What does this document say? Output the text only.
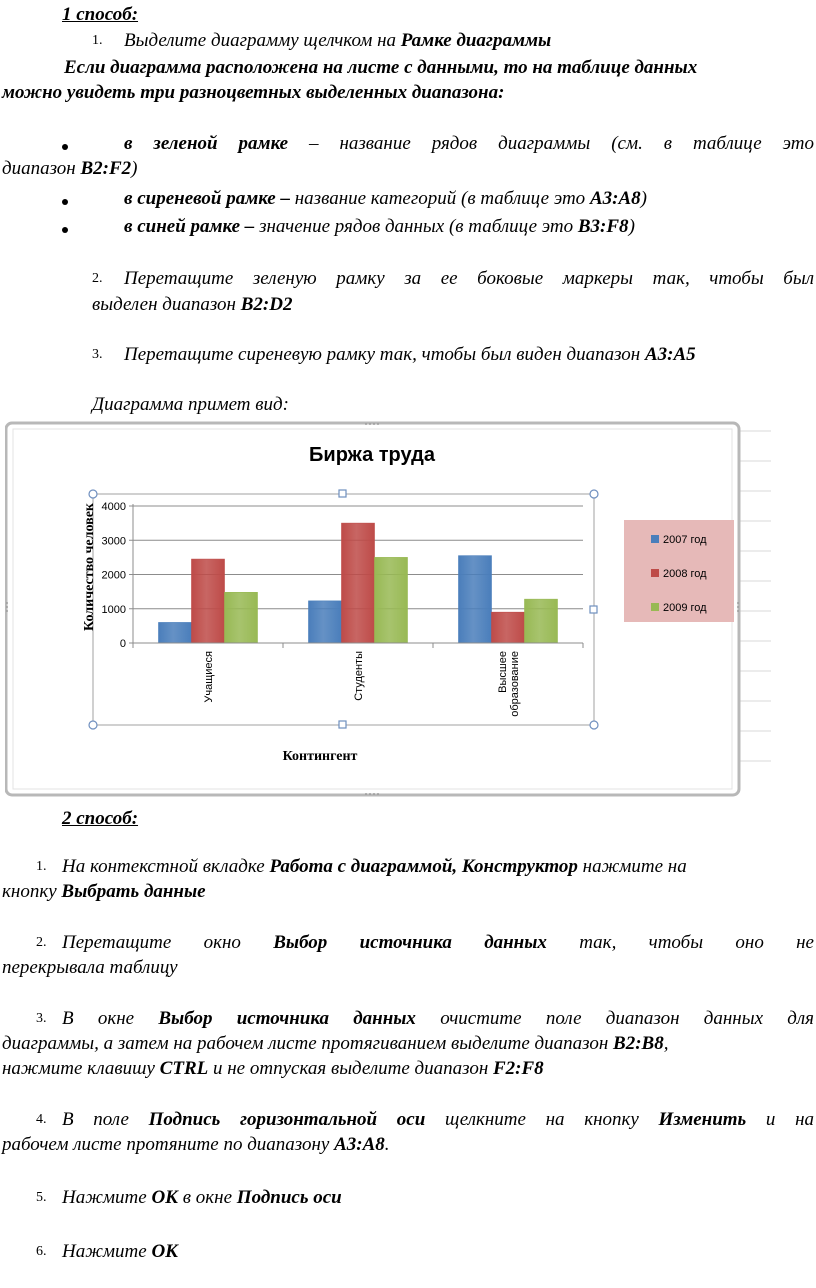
1 способ:
1. Выделите диаграмму щелчком на Рамке диаграммы
Если диаграмма расположена на листе с данными, то на таблице данных
можно увидеть три разноцветных выделенных диапазона:
в зеленой рамке – название рядов диаграммы (см. в таблице это
диапазон В2:F2)
в сиреневой рамке – название категорий (в таблице это А3:А8)
в синей рамке – значение рядов данных (в таблице это В3:F8)
2. Перетащите зеленую рамку за ее боковые маркеры так, чтобы был
выделен диапазон В2:D2
3. Перетащите сиреневую рамку так, чтобы был виден диапазон А3:А5
Диаграмма примет вид:
Биржа труда
0
1000
2000
3000
4000
Учащиеся	Студенты	Высшее образование
Количество человек
Контингент
2007 год
2008 год
2009 год
2 способ:
1. На контекстной вкладке Работа с диаграммой, Конструктор нажмите на
кнопку Выбрать данные
2. Перетащите окно Выбор источника данных так, чтобы оно не
перекрывала таблицу
3. В окне Выбор источника данных очистите поле диапазон данных для
диаграммы, а затем на рабочем листе протягиванием выделите диапазон В2:В8,
нажмите клавишу CTRL и не отпуская выделите диапазон F2:F8
4. В поле Подпись горизонтальной оси щелкните на кнопку Изменить и на
рабочем листе протяните по диапазону А3:А8.
5. Нажмите ОК в окне Подпись оси
6. Нажмите ОК
